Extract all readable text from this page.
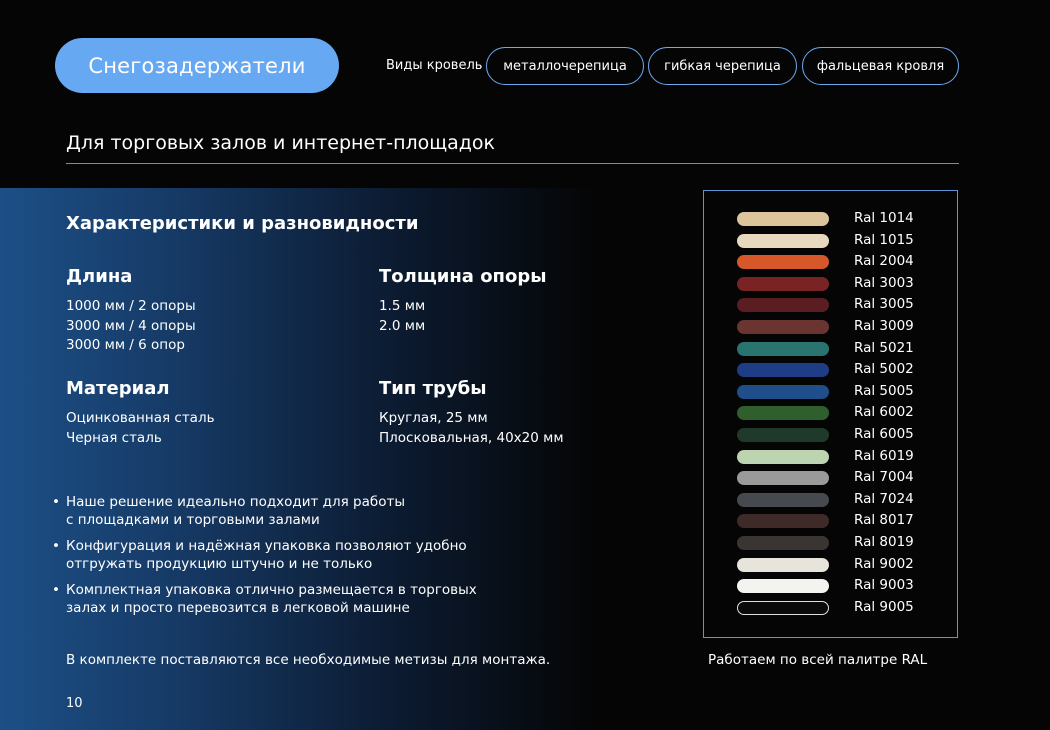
Снегозадержатели	Виды кровель	металлочерепица	гибкая черепица	фальцевая кровля
Для торговых залов и интернет-площадок
Характеристики и разновидности
Длина
1000 мм / 2 опоры
3000 мм / 4 опоры
3000 мм / 6 опор
Толщина опоры
1.5 мм
2.0 мм
Материал
Оцинкованная сталь
Черная сталь
Тип трубы
Круглая, 25 мм
Плосковальная, 40х20 мм
• Наше решение идеально подходит для работы
с площадками и торговыми залами
• Конфигурация и надёжная упаковка позволяют удобно
отгружать продукцию штучно и не только
• Комплектная упаковка отлично размещается в торговых
залах и просто перевозится в легковой машине
В комплекте поставляются все необходимые метизы для монтажа.
10
Ral 1014
Ral 1015
Ral 2004
Ral 3003
Ral 3005
Ral 3009
Ral 5021
Ral 5002
Ral 5005
Ral 6002
Ral 6005
Ral 6019
Ral 7004
Ral 7024
Ral 8017
Ral 8019
Ral 9002
Ral 9003
Ral 9005
Работаем по всей палитре RAL
